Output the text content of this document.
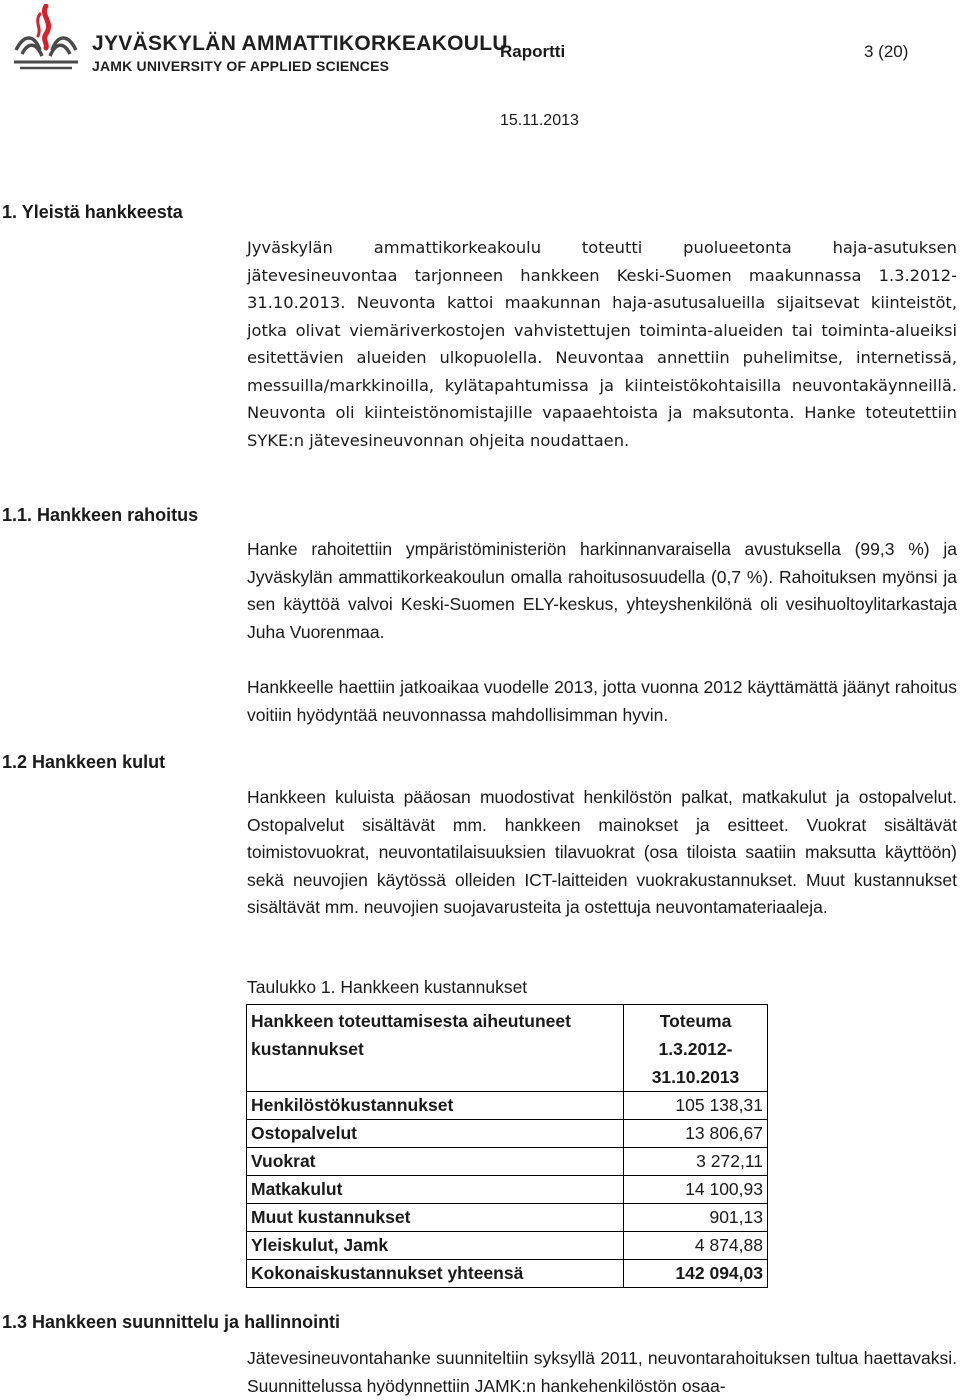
JYVÄSKYLÄN AMMATTIKORKEAKOULU
JAMK UNIVERSITY OF APPLIED SCIENCES
Raportti	3 (20)
15.11.2013
1. Yleistä hankkeesta
Jyväskylän ammattikorkeakoulu toteutti puolueetonta haja-asutuksen jätevesineuvontaa tarjonneen hankkeen Keski-Suomen maakunnassa 1.3.2012-31.10.2013. Neuvonta kattoi maakunnan haja-asutusalueilla sijaitsevat kiinteistöt, jotka olivat viemäriverkostojen vahvistettujen toiminta-alueiden tai toiminta-alueiksi esitettävien alueiden ulkopuolella. Neuvontaa annettiin puhelimitse, internetissä, messuilla/markkinoilla, kylätapahtumissa ja kiinteistökohtaisilla neuvontakäynneillä. Neuvonta oli kiinteistönomistajille vapaaehtoista ja maksutonta. Hanke toteutettiin SYKE:n jätevesineuvonnan ohjeita noudattaen.
1.1. Hankkeen rahoitus
Hanke rahoitettiin ympäristöministeriön harkinnanvaraisella avustuksella (99,3 %) ja Jyväskylän ammattikorkeakoulun omalla rahoitusosuudella (0,7 %). Rahoituksen myönsi ja sen käyttöä valvoi Keski-Suomen ELY-keskus, yhteyshenkilönä oli vesihuoltoylitarkastaja Juha Vuorenmaa.
Hankkeelle haettiin jatkoaikaa vuodelle 2013, jotta vuonna 2012 käyttämättä jäänyt rahoitus voitiin hyödyntää neuvonnassa mahdollisimman hyvin.
1.2 Hankkeen kulut
Hankkeen kuluista pääosan muodostivat henkilöstön palkat, matkakulut ja ostopalvelut. Ostopalvelut sisältävät mm. hankkeen mainokset ja esitteet. Vuokrat sisältävät toimistovuokrat, neuvontatilaisuuksien tilavuokrat (osa tiloista saatiin maksutta käyttöön) sekä neuvojien käytössä olleiden ICT-laitteiden vuokrakustannukset. Muut kustannukset sisältävät mm. neuvojien suojavarusteita ja ostettuja neuvontamateriaaleja.
Taulukko 1. Hankkeen kustannukset
Hankkeen toteuttamisesta aiheutuneet kustannukset	Toteuma 1.3.2012-31.10.2013
Henkilöstökustannukset	105 138,31
Ostopalvelut	13 806,67
Vuokrat	3 272,11
Matkakulut	14 100,93
Muut kustannukset	901,13
Yleiskulut, Jamk	4 874,88
Kokonaiskustannukset yhteensä	142 094,03
1.3 Hankkeen suunnittelu ja hallinnointi
Jätevesineuvontahanke suunniteltiin syksyllä 2011, neuvontarahoituksen tultua haettavaksi. Suunnittelussa hyödynnettiin JAMK:n hankehenkilöstön osaa-
